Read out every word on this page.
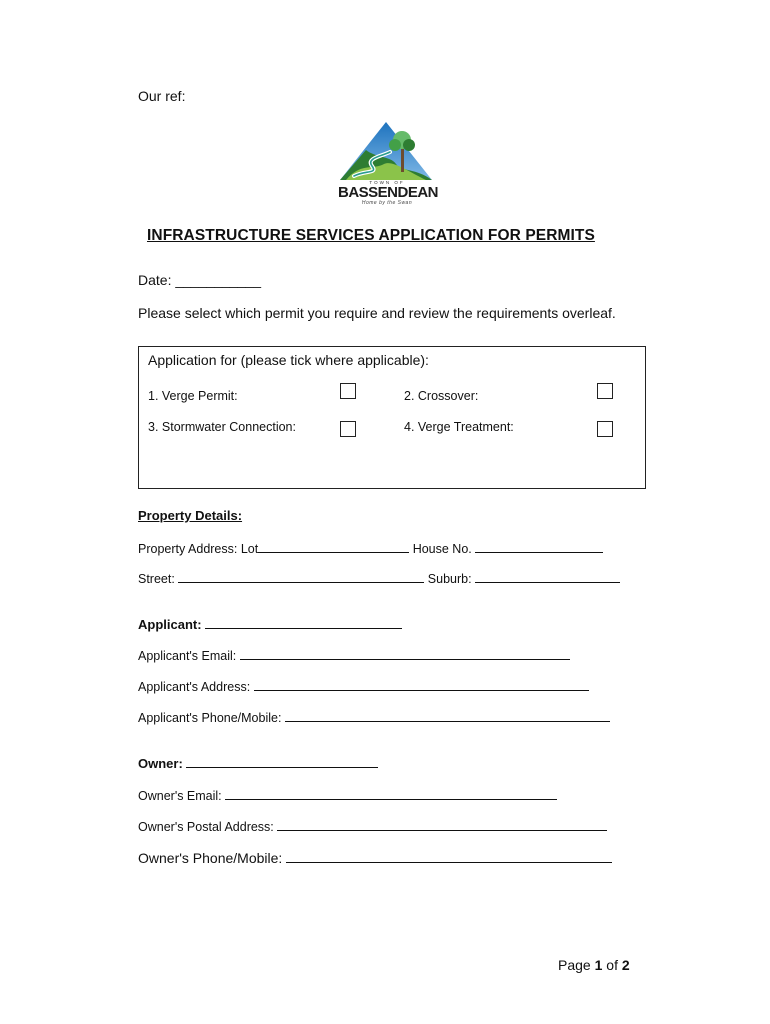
Our ref:
TOWN OF
BASSENDEAN
Home by the Swan
INFRASTRUCTURE SERVICES APPLICATION FOR PERMITS
Date: ___________
Please select which permit you require and review the requirements overleaf.
Application for (please tick where applicable):
1. Verge Permit:	2. Crossover:
3. Stormwater Connection:	4. Verge Treatment:
Property Details:
Property Address: Lot	House No.
Street:	Suburb:
Applicant:
Applicant's Email:
Applicant's Address:
Applicant's Phone/Mobile:
Owner:
Owner's Email:
Owner's Postal Address:
Owner's Phone/Mobile:
Page 1 of 2
